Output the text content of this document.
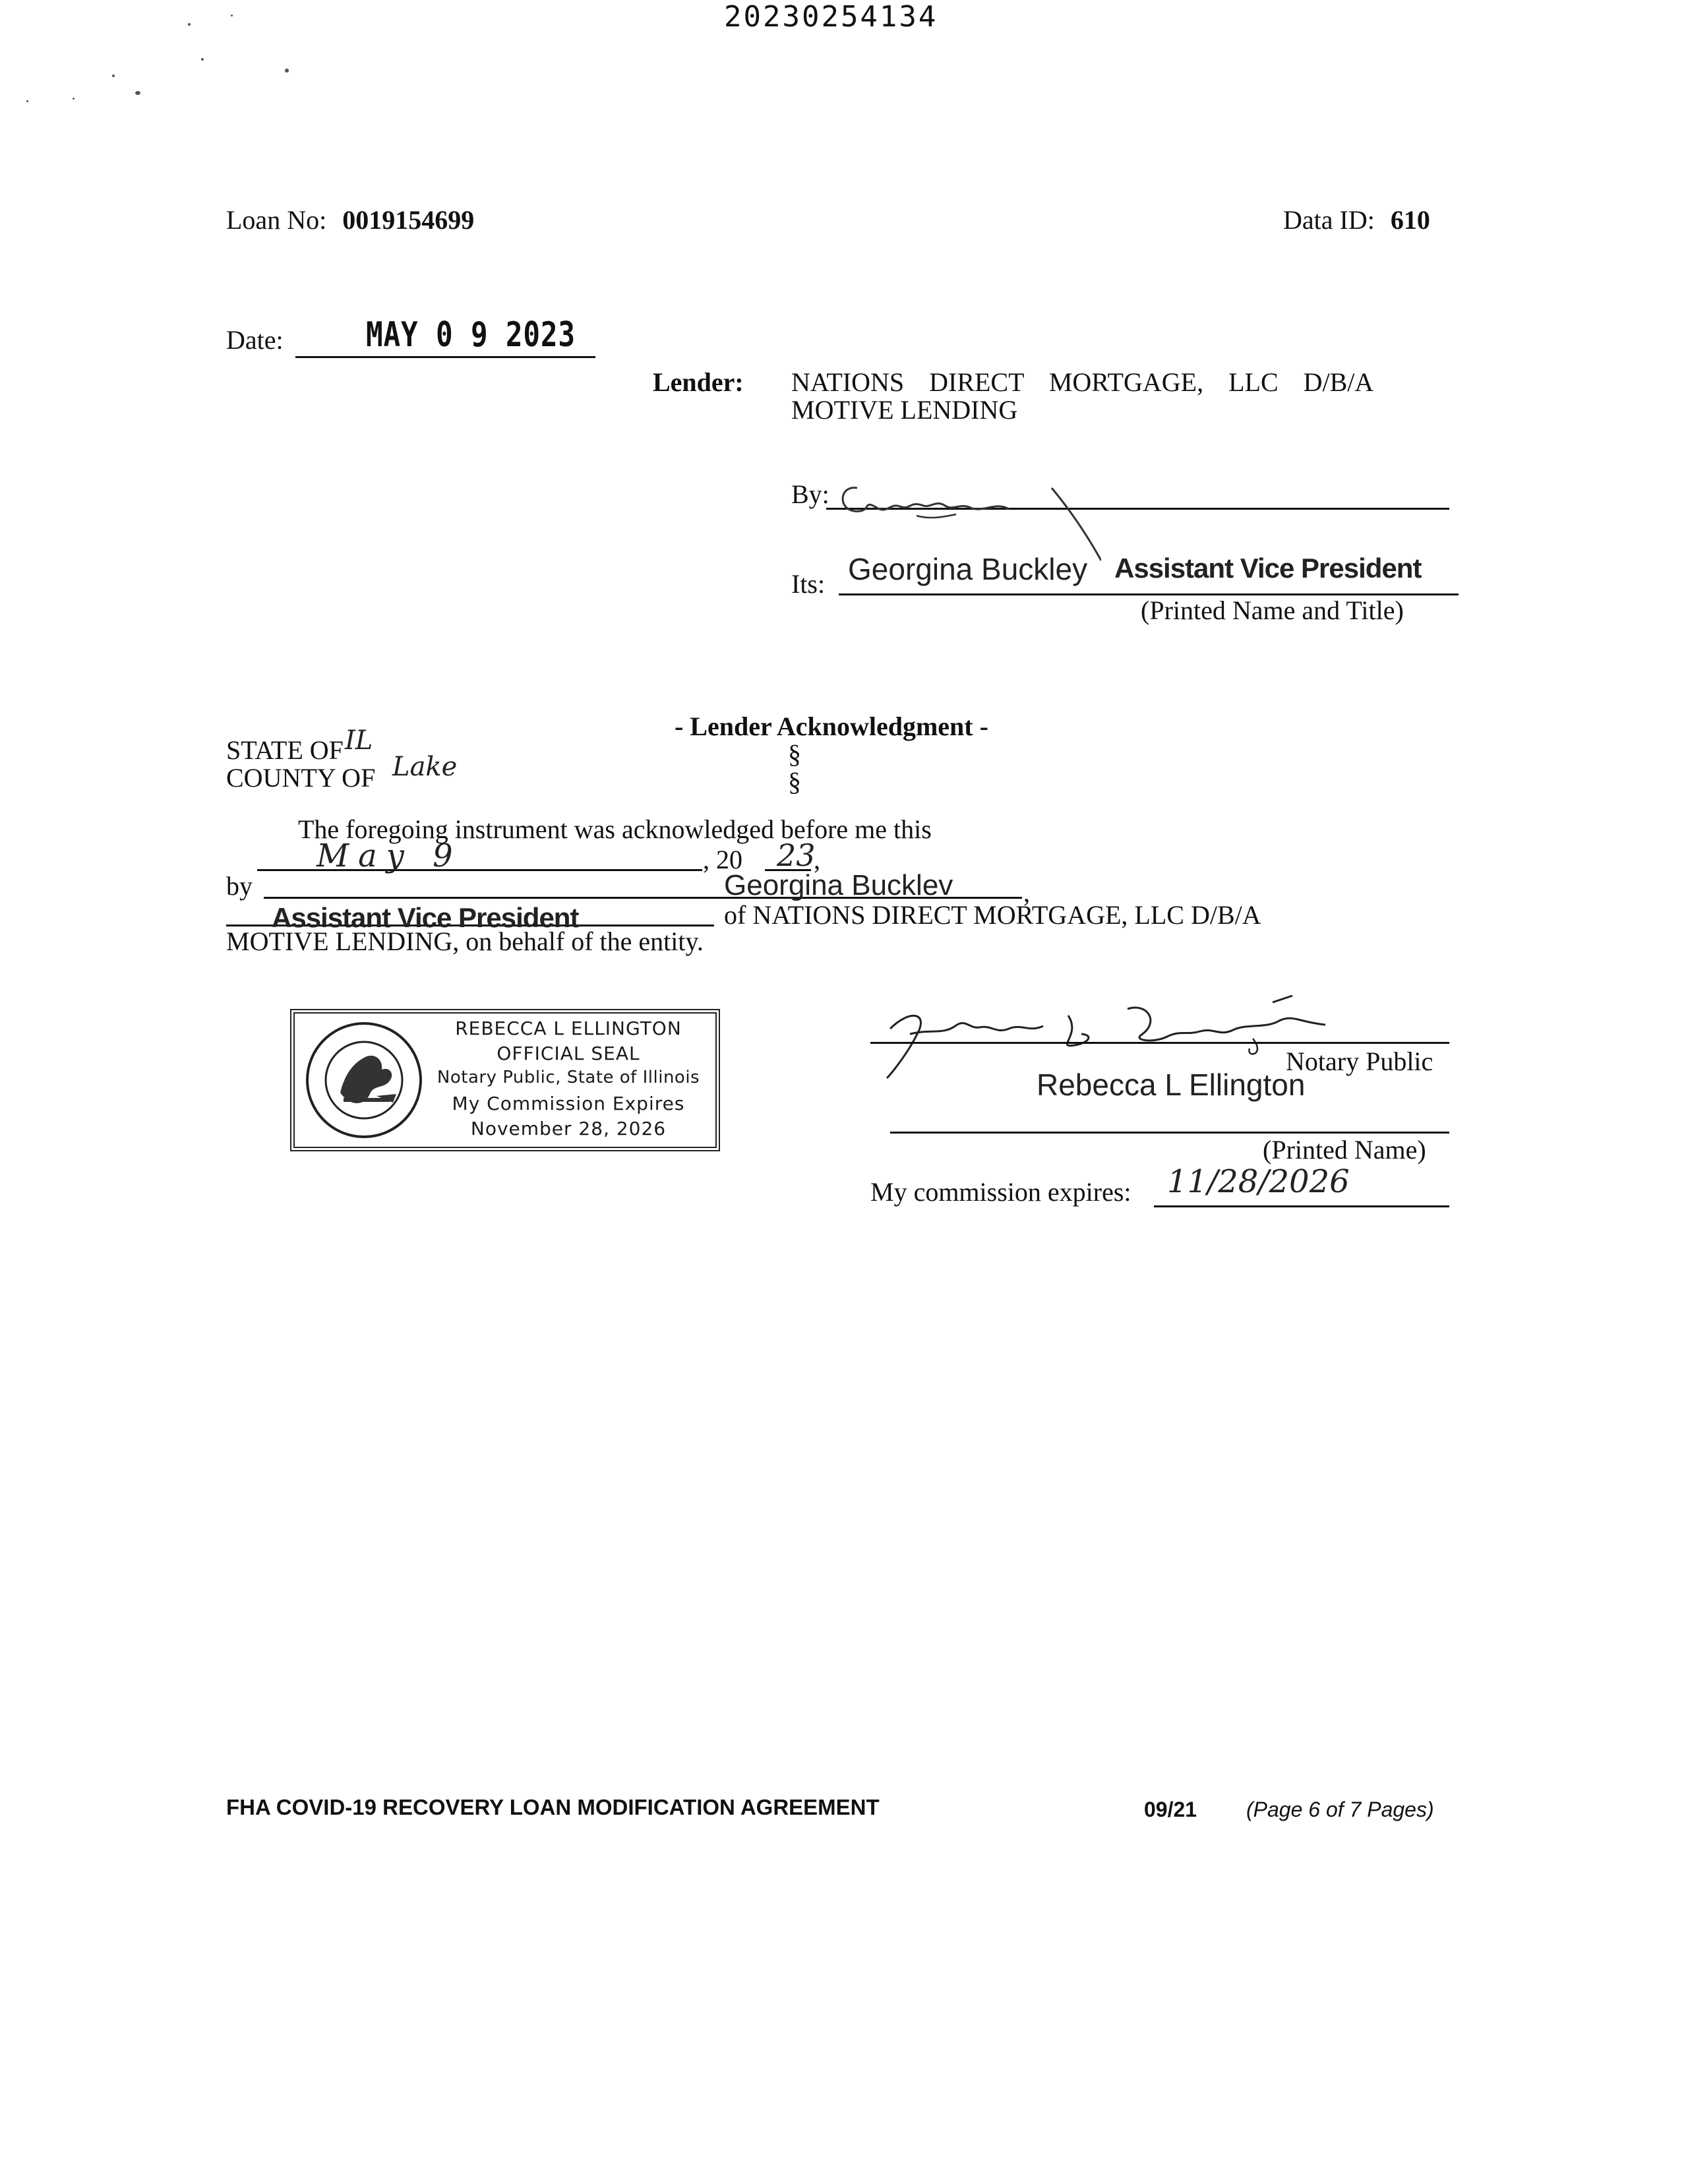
20230254134
Loan No: 0019154699	Data ID: 610
Date: MAY 0 9 2023
Lender: NATIONS DIRECT MORTGAGE, LLC D/B/A
MOTIVE LENDING
By:
Its: Georgina Buckley Assistant Vice President
(Printed Name and Title)
- Lender Acknowledgment -
STATE OF IL
COUNTY OF Lake	§
§
The foregoing instrument was acknowledged before me this
May 9	, 20 23
,
by	Georgina Bucklev	,
Assistant Vice President	of NATIONS DIRECT MORTGAGE, LLC D/B/A
MOTIVE LENDING, on behalf of the entity.
REBECCA L ELLINGTON
OFFICIAL SEAL
Notary Public, State of Illinois
My Commission Expires
November 28, 2026
Notary Public
Rebecca L Ellington
(Printed Name)
My commission expires: 11/28/2026
FHA COVID-19 RECOVERY LOAN MODIFICATION AGREEMENT	09/21 (Page 6 of 7 Pages)
